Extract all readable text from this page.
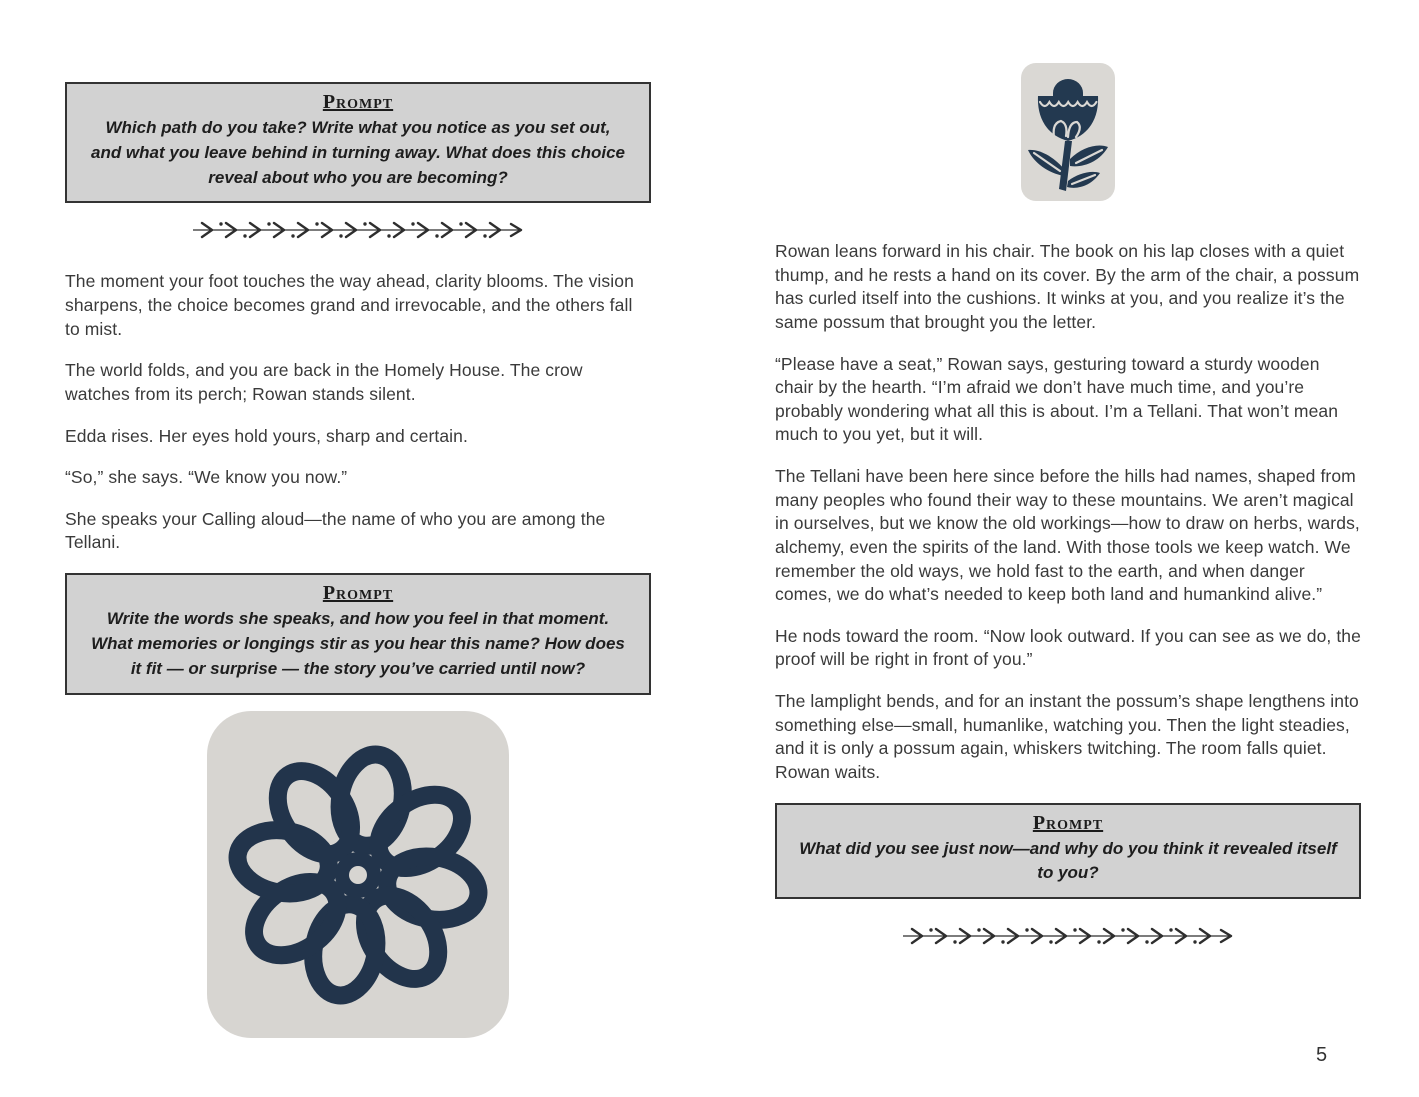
Prompt
Which path do you take? Write what you notice as you set out, and what you leave behind in turning away. What does this choice reveal about who you are becoming?

The moment your foot touches the way ahead, clarity blooms. The vision sharpens, the choice becomes grand and irrevocable, and the others fall to mist.

The world folds, and you are back in the Homely House. The crow watches from its perch; Rowan stands silent.

Edda rises. Her eyes hold yours, sharp and certain.

“So,” she says. “We know you now.”

She speaks your Calling aloud—the name of who you are among the Tellani.

Prompt
Write the words she speaks, and how you feel in that moment. What memories or longings stir as you hear this name? How does it fit — or surprise — the story you’ve carried until now?

Rowan leans forward in his chair. The book on his lap closes with a quiet thump, and he rests a hand on its cover. By the arm of the chair, a possum has curled itself into the cushions. It winks at you, and you realize it’s the same possum that brought you the letter.

“Please have a seat,” Rowan says, gesturing toward a sturdy wooden chair by the hearth. “I’m afraid we don’t have much time, and you’re probably wondering what all this is about. I’m a Tellani. That won’t mean much to you yet, but it will.

The Tellani have been here since before the hills had names, shaped from many peoples who found their way to these mountains. We aren’t magical in ourselves, but we know the old workings—how to draw on herbs, wards, alchemy, even the spirits of the land. With those tools we keep watch. We remember the old ways, we hold fast to the earth, and when danger comes, we do what’s needed to keep both land and humankind alive.”

He nods toward the room. “Now look outward. If you can see as we do, the proof will be right in front of you.”

The lamplight bends, and for an instant the possum’s shape lengthens into something else—small, humanlike, watching you. Then the light steadies, and it is only a possum again, whiskers twitching. The room falls quiet. Rowan waits.

Prompt
What did you see just now—and why do you think it revealed itself to you?
5
